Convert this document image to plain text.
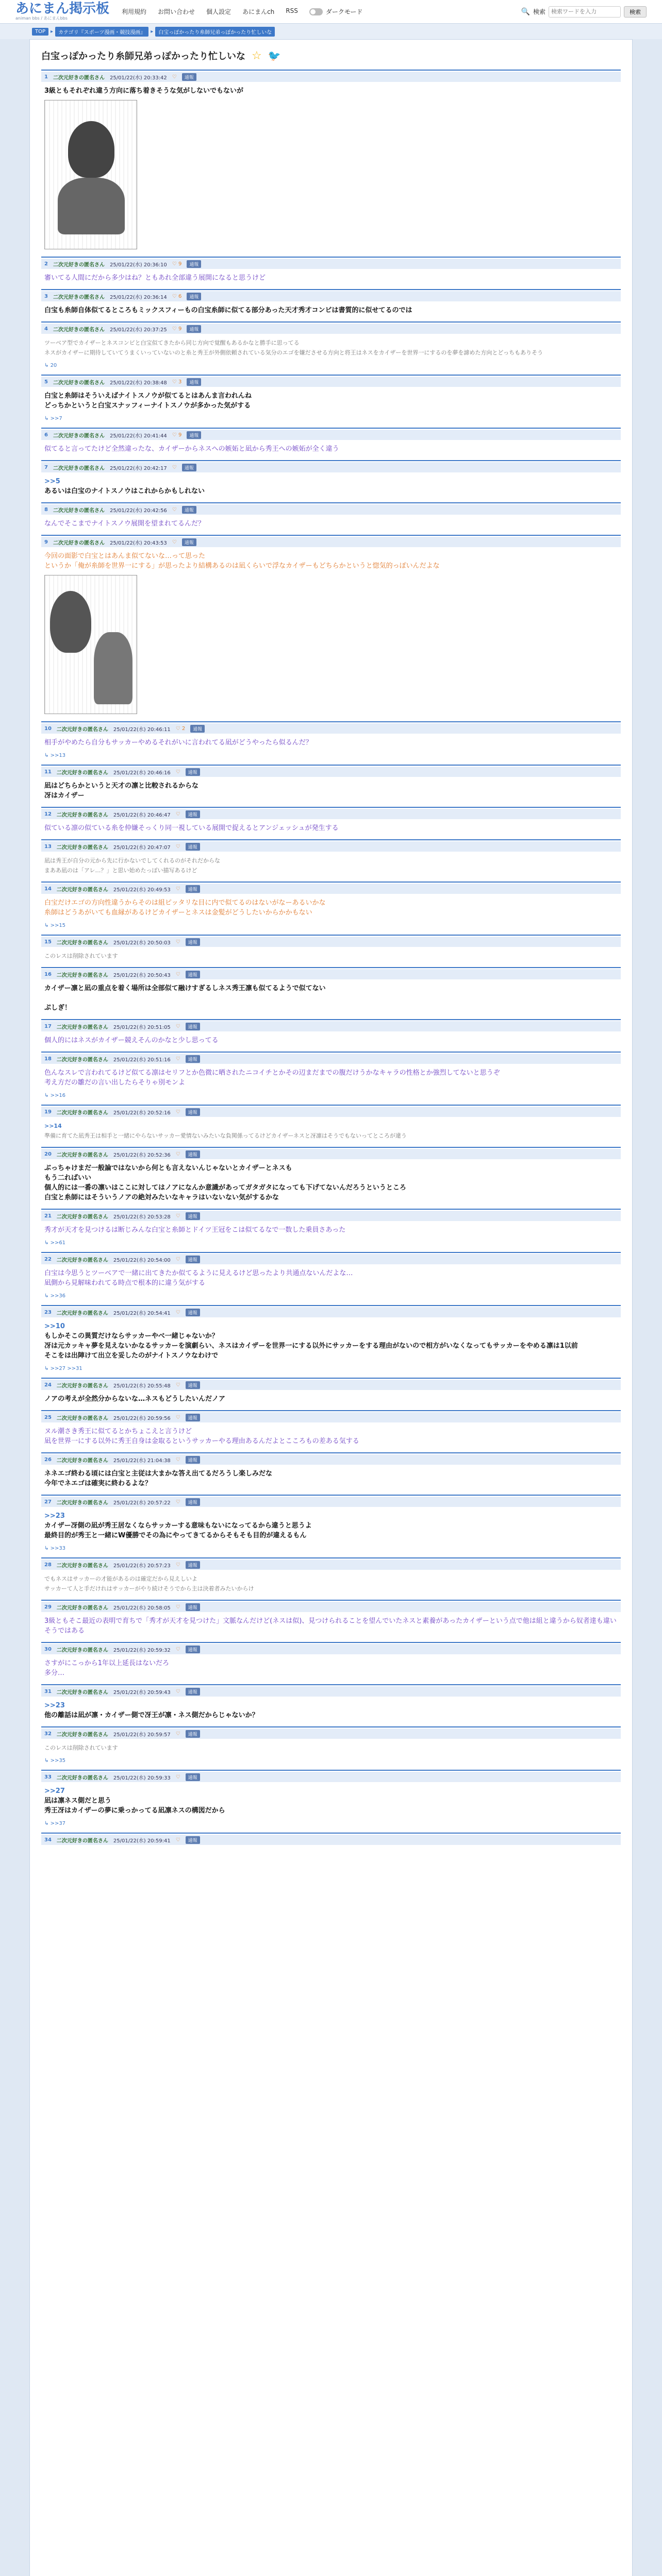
あにまん掲示板
animan bbs / あにまんbbs
利用規約 お問い合わせ 個人設定 あにまんch RSS	ダークモード	🔍 検索
検索ワードを入力	検索
TOP	▸	カテゴリ『スポーツ漫画・競技漫画』	▸	白宝っぽかったり糸師兄弟っぽかったり忙しいな
白宝っぽかったり糸師兄弟っぽかったり忙しいな ☆ 🐦
1 二次元好きの匿名さん 25/01/22(水) 20:33:42 ♡	通報
3級ともそれぞれ違う方向に落ち着きそうな気がしないでもないが
2 二次元好きの匿名さん 25/01/22(水) 20:36:10 ♡ 9	通報
審いてる人間にだから多少はね？ともあれ全部違う展開になると思うけど
3 二次元好きの匿名さん 25/01/22(水) 20:36:14 ♡ 6	通報
白宝も糸師自体似てるところもミックスフィーもの白宝糸師に似てる部分あった天才秀才コンビは書質的に似せてるのでは
4 二次元好きの匿名さん 25/01/22(水) 20:37:25 ♡ 9	通報
ツーベア型でカイザーとネスコンビと白宝似てきたから同じ方向で覚醒もあるかなと勝手に思ってる
ネスがカイザーに期待していてうまくいっていないのと糸と秀王が外側依頼されている気分のエゴを嫌ださせる方向と将王はネスをカイザーを世界一にするのを夢を諦めた方向とどっちもありそう
↳ 20
5 二次元好きの匿名さん 25/01/22(水) 20:38:48 ♡ 3	通報
白宝と糸師はそういえばナイトスノウが似てるとはあんま言われんね
どっちかというと白宝スナッフィーナイトスノウが多かった気がする
↳ >>7
6 二次元好きの匿名さん 25/01/22(水) 20:41:44 ♡ 9	通報
似てると言ってたけど全然違ったな、カイザーからネスへの嫉妬と凪から秀王への嫉妬が全く違う
7 二次元好きの匿名さん 25/01/22(水) 20:42:17 ♡	通報
>>5
あるいは白宝のナイトスノウはこれからかもしれない
8 二次元好きの匿名さん 25/01/22(水) 20:42:56 ♡	通報
なんでそこまでナイトスノウ展開を望まれてるんだ？
9 二次元好きの匿名さん 25/01/22(水) 20:43:53 ♡	通報
今回の面影で白宝とはあんま似てないな…って思った
というか「俺が糸師を世界一にする」が思ったより結構あるのは凪くらいで浮なカイザーもどちらかというと惚気的っぽいんだよな
10 二次元好きの匿名さん 25/01/22(水) 20:46:11 ♡ 2	通報
相手がやめたら自分もサッカーやめるそれがいに言われてる凪がどうやったら似るんだ？
↳ >>13
11 二次元好きの匿名さん 25/01/22(水) 20:46:16 ♡	通報
凪はどちらかというと天才の凛と比較されるからな
冴はカイザー
12 二次元好きの匿名さん 25/01/22(水) 20:46:47 ♡	通報
似ている凛の似ている糸を仲嫌そっくり同一視している展開で捉えるとアンジェッシュが発生する
13 二次元好きの匿名さん 25/01/22(水) 20:47:07 ♡	通報
凪は秀王が自分の元から先に行かないでしてくれるのがそれだからな
まああ凪のは「アレ…？」と思い始めたっぽい描写あるけど
14 二次元好きの匿名さん 25/01/22(水) 20:49:53 ♡	通報
白宝だけエゴの方向性違うからそのは組ピッタリな目に内で似てるのはないがなーあるいかな
糸師はどうあがいても血縁があるけどカイザーとネスは金髪がどうしたいからかかもない
↳ >>15
15 二次元好きの匿名さん 25/01/22(水) 20:50:03 ♡	通報
このレスは削除されています
16 二次元好きの匿名さん 25/01/22(水) 20:50:43 ♡	通報
カイザー凛と凪の重点を着く場所は全部似て融けすぎるしネス秀王凛も似てるようで似てない
ぷしぎ！
17 二次元好きの匿名さん 25/01/22(水) 20:51:05 ♡	通報
個人的にはネスがカイザー競えそんのかなと少し思ってる
18 二次元好きの匿名さん 25/01/22(水) 20:51:16 ♡	通報
色んなスレで言われてるけど似てる凛はセリフとか色微に晒されたニコイチとかその辺まだまでの腹だけうかなキャラの性格とか強烈してないと思うぞ
考え方だの雛だの言い出したらそりゃ別モンよ
↳ >>16
19 二次元好きの匿名さん 25/01/22(水) 20:52:16 ♡	通報
>>14
準備に育てた凪秀王は相手と一緒にやらないサッカー愛情ないみたいな負関係ってるけどカイザーネスと冴凛はそうでもないってところが違う
20 二次元好きの匿名さん 25/01/22(水) 20:52:36 ♡	通報
ぶっちゃけまだ一般論ではないから何とも言えないんじゃないとカイザーとネスも
もう二ればいい
個人的には一番の凛いはここに対してはノアになんか意識があってガタガタになっても下げてないんだろうというところ
白宝と糸師にはそういうノアの絶対みたいなキャラはいないない気がするかな
21 二次元好きの匿名さん 25/01/22(水) 20:53:28 ♡	通報
秀才が天才を見つけるは断じみんな白宝と糸師とドイツ王冠をこは似てるなで一数した乗員さあった
↳ >>61
22 二次元好きの匿名さん 25/01/22(水) 20:54:00 ♡	通報
白宝は今思うとツーベアで一緒に出てきたか似てるように見えるけど思ったより共通点ないんだよな…
凪側から見解味われてる時点で根本的に違う気がする
↳ >>36
23 二次元好きの匿名さん 25/01/22(水) 20:54:41 ♡	通報
>>10
もしかそこの異質だけならサッカーやべ一緒じゃないか？
冴は元カッキャ夢を見えないかなるサッカーを演劇らい、ネスはカイザーを世界一にする以外にサッカーをする理由がないので相方がいなくなってもサッカーをやめる凛は1以前
そこをは出陣けて出立を妥したのがナイトスノウなわけで
↳ >>27 >>31
24 二次元好きの匿名さん 25/01/22(水) 20:55:48 ♡	通報
ノアの考えが全然分からないな…ネスもどうしたいんだノア
25 二次元好きの匿名さん 25/01/22(水) 20:59:56 ♡	通報
ヌル潮さき秀王に似てるとかちょこえと言うけど
凪を世界一にする以外に秀王自身は金取るというサッカーやる理由あるんだよとこころもの差ある気する
26 二次元好きの匿名さん 25/01/22(水) 21:04:38 ♡	通報
ネネエゴ終わる頃には白宝と主従は大まかな答え出てるだろうし楽しみだな
今年でネエゴは確実に終わるよな？
27 二次元好きの匿名さん 25/01/22(水) 20:57:22 ♡	通報
>>23
カイザー冴側の凪が秀王居なくならサッカーする意味もないになってるから違うと思うよ
最終目的が秀王と一緒にW優勝でその為にやってきてるからそもそも目的が違えるもん
↳ >>33
28 二次元好きの匿名さん 25/01/22(水) 20:57:23 ♡	通報
でもネスはサッカーの才能があるのは確定だから見えしいよ
サッカーて人と手だけれはサッカーがやり続けそうでから主は決着者みたいからけ
29 二次元好きの匿名さん 25/01/22(水) 20:58:05 ♡	通報
3級ともそこ最近の表明で育ちで「秀才が天才を見つけた」文脈なんだけど(ネスは似)、見つけられることを望んでいたネスと素養があったカイザーという点で他は組と違うから奴者達も違いそうではある
30 二次元好きの匿名さん 25/01/22(水) 20:59:32 ♡	通報
さすがにこっから1年以上延長はないだろ
多分…
31 二次元好きの匿名さん 25/01/22(水) 20:59:43 ♡	通報
>>23
他の離話は凪が凛・カイザー側で冴王が凛・ネス側だからじゃないか？
32 二次元好きの匿名さん 25/01/22(水) 20:59:57 ♡	通報
このレスは削除されています
↳ >>35
33 二次元好きの匿名さん 25/01/22(水) 20:59:33 ♡	通報
>>27
凪は凛ネス側だと思う
秀王冴はカイザーの夢に乗っかってる凪凛ネスの構図だから
↳ >>37
34 二次元好きの匿名さん 25/01/22(水) 20:59:41 ♡	通報
